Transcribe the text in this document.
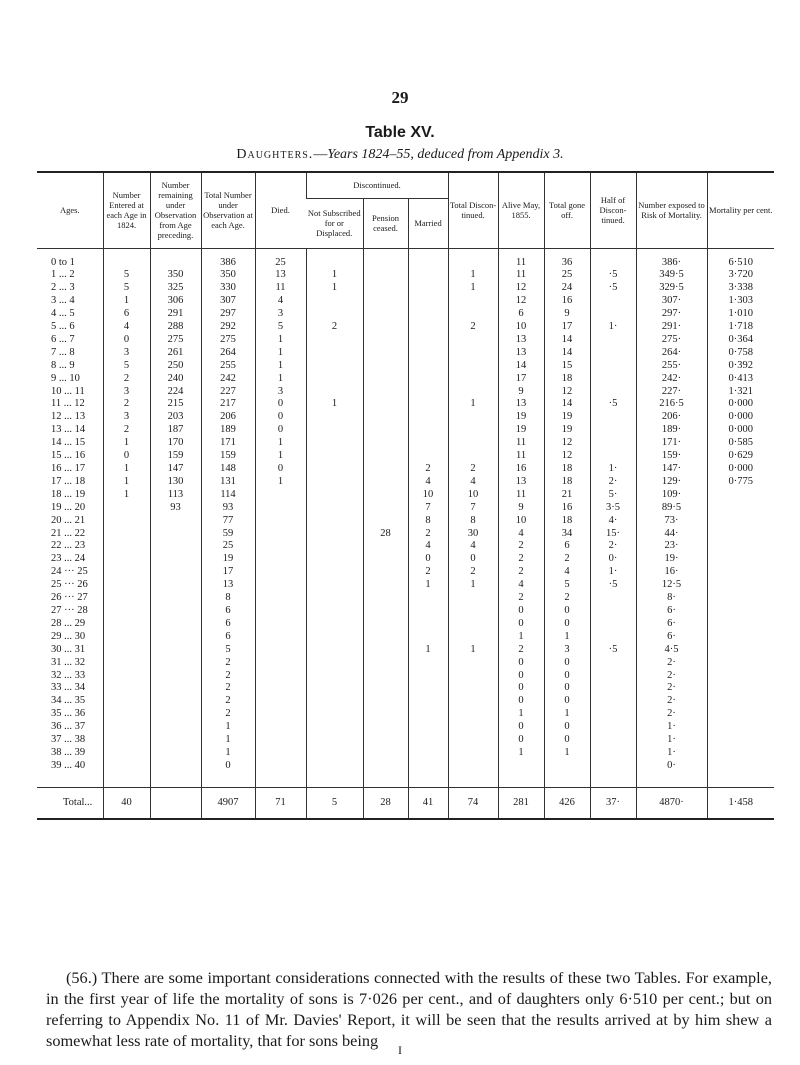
29
Table XV.
Daughters.—Years 1824–55, deduced from Appendix 3.
Ages.	Number Entered at each Age in 1824.	Number remaining under Observation from Age preceding.	Total Number under Observation at each Age.	Died.	Discontinued.			Total Discon-tinued.	Alive May, 1855.	Total gone off.	Half of Discon-tinued.	Number exposed to Risk of Mortality.	Mortality per cent.
					Not Subscribed for or Displaced.	Pension ceased.	Married						

0 to 1			386	25					11	36		386·	6·510
1 ... 2	5	350	350	13	1			1	11	25	·5	349·5	3·720
2 ... 3	5	325	330	11	1			1	12	24	·5	329·5	3·338
3 ... 4	1	306	307	4					12	16		307·	1·303
4 ... 5	6	291	297	3					6	9		297·	1·010
5 ... 6	4	288	292	5	2			2	10	17	1·	291·	1·718
6 ... 7	0	275	275	1					13	14		275·	0·364
7 ... 8	3	261	264	1					13	14		264·	0·758
8 ... 9	5	250	255	1					14	15		255·	0·392
9 ... 10	2	240	242	1					17	18		242·	0·413
10 ... 11	3	224	227	3					9	12		227·	1·321
11 ... 12	2	215	217	0	1			1	13	14	·5	216·5	0·000
12 ... 13	3	203	206	0					19	19		206·	0·000
13 ... 14	2	187	189	0					19	19		189·	0·000
14 ... 15	1	170	171	1					11	12		171·	0·585
15 ... 16	0	159	159	1					11	12		159·	0·629
16 ... 17	1	147	148	0			2	2	16	18	1·	147·	0·000
17 ... 18	1	130	131	1			4	4	13	18	2·	129·	0·775
18 ... 19	1	113	114				10	10	11	21	5·	109·	
19 ... 20		93	93				7	7	9	16	3·5	89·5	
20 ... 21			77				8	8	10	18	4·	73·	
21 ... 22			59			28	2	30	4	34	15·	44·	
22 ... 23			25				4	4	2	6	2·	23·	
23 ... 24			19				0	0	2	2	0·	19·	
24 ··· 25			17				2	2	2	4	1·	16·	
25 ··· 26			13				1	1	4	5	·5	12·5	
26 ··· 27			8						2	2		8·	
27 ··· 28			6						0	0		6·	
28 ... 29			6						0	0		6·	
29 ... 30			6						1	1		6·	
30 ... 31			5				1	1	2	3	·5	4·5	
31 ... 32			2						0	0		2·	
32 ... 33			2						0	0		2·	
33 ... 34			2						0	0		2·	
34 ... 35			2						0	0		2·	
35 ... 36			2						1	1		2·	
36 ... 37			1						0	0		1·	
37 ... 38			1						0	0		1·	
38 ... 39			1						1	1		1·	
39 ... 40			0									0·	

Total...	40		4907	71	5	28	41	74	281	426	37·	4870·	1·458

(56.) There are some important considerations connected with the results of these two Tables. For example, in the first year of life the mortality of sons is 7·026 per cent., and of daughters only 6·510 per cent.; but on referring to Appendix No. 11 of Mr. Davies' Report, it will be seen that the results arrived at by him shew a somewhat less rate of mortality, that for sons being	I
